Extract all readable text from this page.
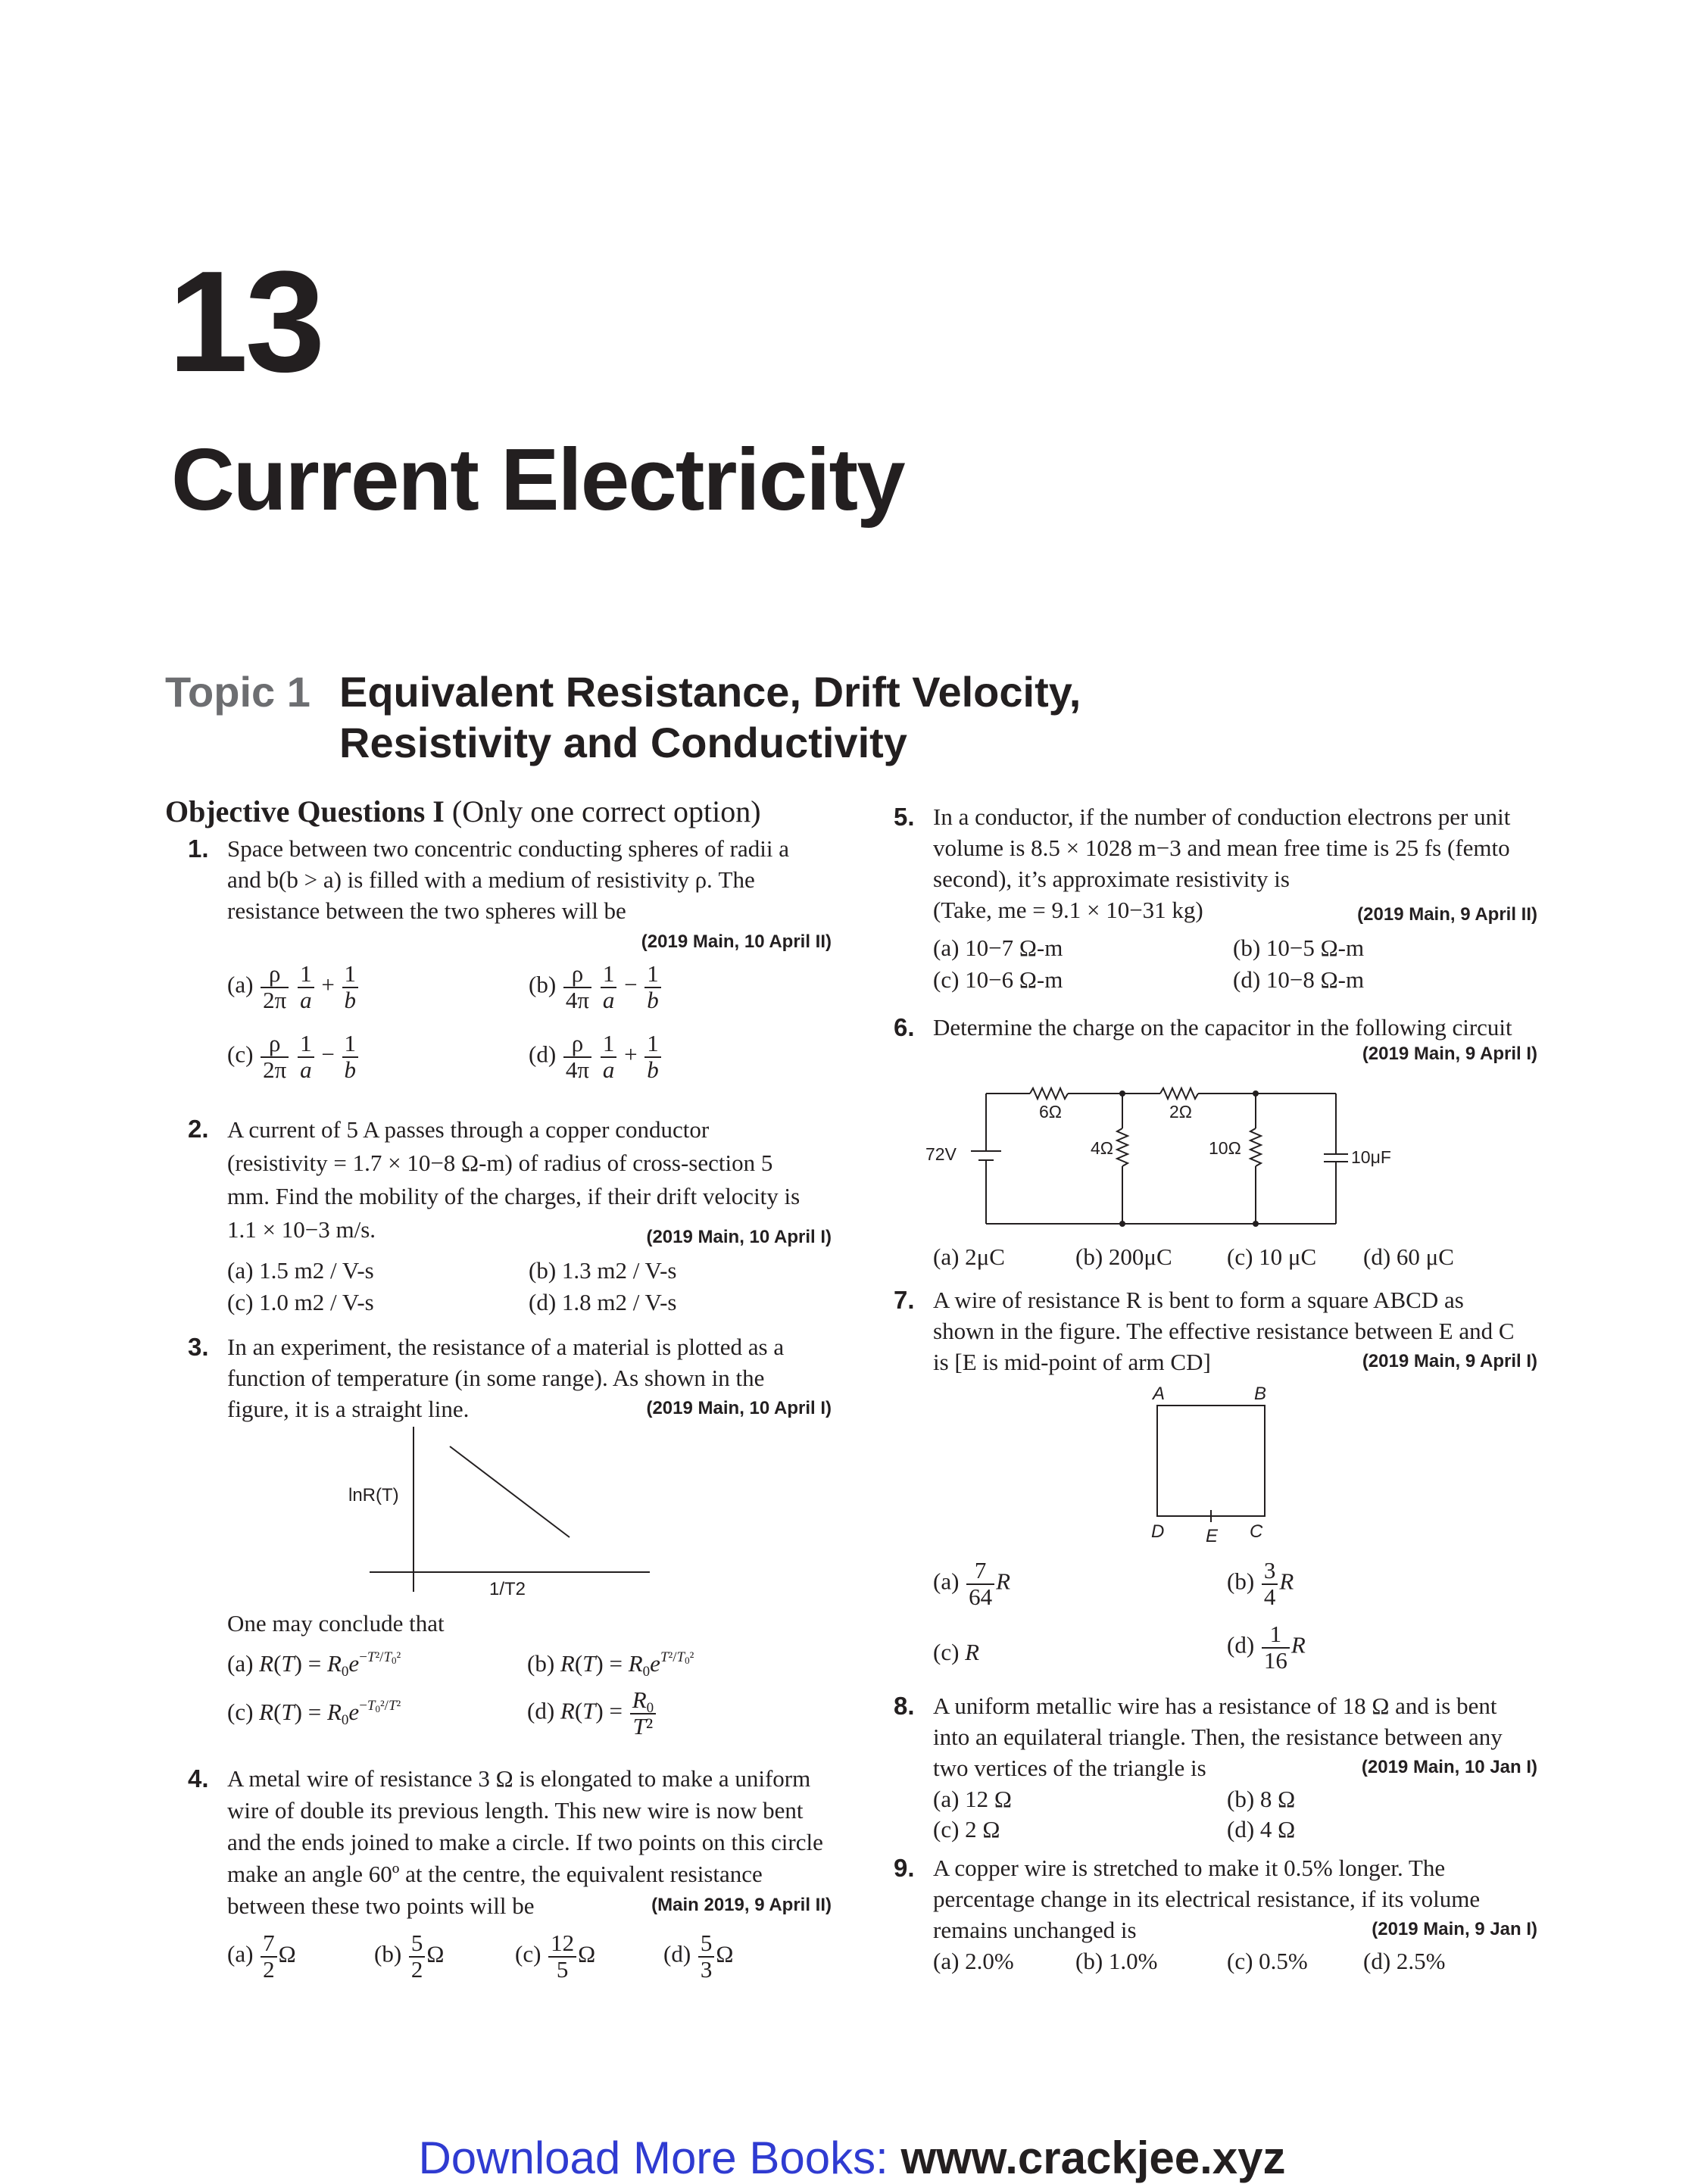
13
Current Electricity
Topic 1 Equivalent Resistance, Drift Velocity,
Resistivity and Conductivity
Objective Questions I (Only one correct option)
1. Space between two concentric conducting spheres of radii a
and b(b > a) is filled with a medium of resistivity ρ. The
resistance between the two spheres will be
(2019 Main, 10 April II)
$(a) \frac{\rho}{2\pi}$
$\frac{1}{a} + \frac{1}{b}$	$(b) \frac{\rho}{4\pi}$
$\frac{1}{a} - \frac{1}{b}$
$(c) \frac{\rho}{2\pi}$
$\frac{1}{a} - \frac{1}{b}$	$(d) \frac{\rho}{4\pi}$
$\frac{1}{a} + \frac{1}{b}$
2. A current of 5 A passes through a copper conductor
(resistivity = 1.7 × 10−8 Ω-m) of radius of cross-section 5
mm. Find the mobility of the charges, if their drift velocity is
1.1 × 10−3 m/s.	(2019 Main, 10 April I)
(a) 1.5 m2 / V-s	(b) 1.3 m2 / V-s
(c) 1.0 m2 / V-s	(d) 1.8 m2 / V-s
3. In an experiment, the resistance of a material is plotted as a
function of temperature (in some range). As shown in the
figure, it is a straight line.	(2019 Main, 10 April I)
lnR(T)
1/T2
One may conclude that
(a) $R(T) = R_0e^{-T^2/T_0^2}$	(b) $R(T) = R_0e^{T^2/T_0^2}$
(c) $R(T) = R_0e^{-T_0^2/T^2}$	(d) $R(T) = \frac{R_0}{\text{T²}}$
4. A metal wire of resistance 3 Ω is elongated to make a uniform
wire of double its previous length. This new wire is now bent
and the ends joined to make a circle. If two points on this circle
make an angle 60º at the centre, the equivalent resistance
between these two points will be	(Main 2019, 9 April II)
$(a) \frac{7}{2}$ Ω	$(b) \frac{5}{2}$ Ω	$(c) \frac{12}{5}$ Ω	$(d) \frac{5}{3}$ Ω
5. In a conductor, if the number of conduction electrons per unit
volume is 8.5 × 1028 m−3 and mean free time is 25 fs (femto
second), it’s approximate resistivity is
(Take, me = 9.1 × 10−31 kg)	(2019 Main, 9 April II)
(a) 10−7 Ω-m	(b) 10−5 Ω-m
(c) 10−6 Ω-m	(d) 10−8 Ω-m
6. Determine the charge on the capacitor in the following circuit
(2019 Main, 9 April I)
72V
6Ω	2Ω
4Ω	10Ω	10μF
(a) 2μC	(b) 200μC (c) 10 μC (d) 60 μC
7. A wire of resistance R is bent to form a square ABCD as
shown in the figure. The effective resistance between E and C
is [E is mid-point of arm CD]	(2019 Main, 9 April I)
A	B
D E C
$(a) \frac{7}{64}$ R	$(b) \frac{3}{4}$ R
(c) R	$(d) \frac{1}{16}$ R
8. A uniform metallic wire has a resistance of 18 Ω and is bent
into an equilateral triangle. Then, the resistance between any
two vertices of the triangle is	(2019 Main, 10 Jan I)
(a) 12 Ω	(b) 8 Ω
(c) 2 Ω	(d) 4 Ω
9. A copper wire is stretched to make it 0.5% longer. The
percentage change in its electrical resistance, if its volume
remains unchanged is	(2019 Main, 9 Jan I)
(a) 2.0%	(b) 1.0%	(c) 0.5% (d) 2.5%
Download More Books: www.crackjee.xyz
